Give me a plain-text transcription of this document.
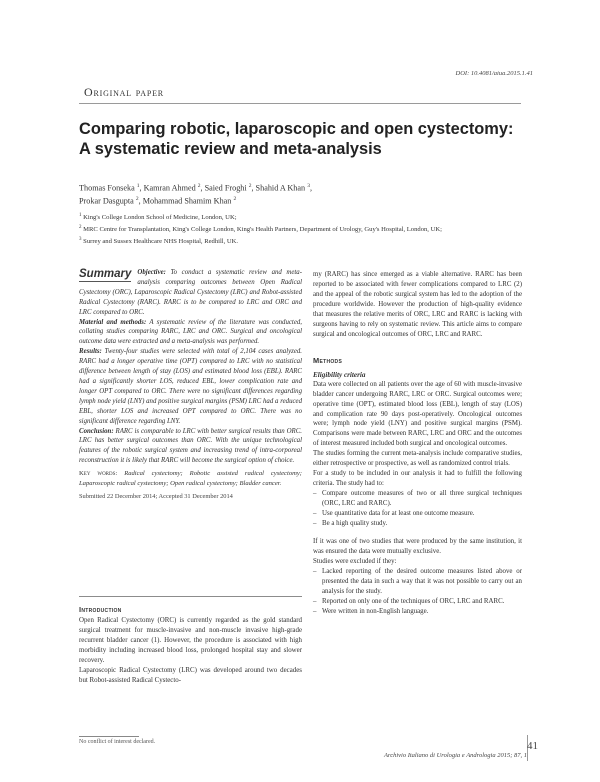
DOI: 10.4081/aiua.2015.1.41
Original paper
Comparing robotic, laparoscopic and open cystectomy:
A systematic review and meta-analysis
Thomas Fonseka $^1$, Kamran Ahmed $^2$, Saied Froghi $^2$, Shahid A Khan $^3$,
Prokar Dasgupta $^2$, Mohammad Shamim Khan $^2$
$^1$ King's College London School of Medicine, London, UK;
$^2$ MRC Centre for Transplantation, King's College London, King's Health Partners, Department of Urology, Guy's Hospital, London, UK;
$^3$ Surrey and Sussex Healthcare NHS Hospital, Redhill, UK.
Summary Objective: To conduct a systematic review and meta-analysis comparing outcomes between Open Radical Cystectomy (ORC), Laparoscopic Radical Cystectomy (LRC) and Robot-assisted Radical Cystectomy (RARC). RARC is to be compared to LRC and ORC and LRC compared to ORC.
Material and methods: A systematic review of the literature was conducted, collating studies comparing RARC, LRC and ORC. Surgical and oncological outcome data were extracted and a meta-analysis was performed.
Results: Twenty-four studies were selected with total of 2,104 cases analyzed. RARC had a longer operative time (OPT) compared to LRC with no statistical difference between length of stay (LOS) and estimated blood loss (EBL). RARC had a significantly shorter LOS, reduced EBL, lower complication rate and longer OPT compared to ORC. There were no significant differences regarding lymph node yield (LNY) and positive surgical margins (PSM) LRC had a reduced EBL, shorter LOS and increased OPT compared to ORC. There was no significant difference regarding LNY.
Conclusion: RARC is comparable to LRC with better surgical results than ORC. LRC has better surgical outcomes than ORC. With the unique technological features of the robotic surgical system and increasing trend of intra-corporeal reconstruction it is likely that RARC will become the surgical option of choice.
Key words: Radical cystectomy; Robotic assisted radical cystectomy; Laparoscopic radical cystectomy; Open radical cystectomy; Bladder cancer.
Submitted 22 December 2014; Accepted 31 December 2014
Introduction

Open Radical Cystectomy (ORC) is currently regarded as the gold standard surgical treatment for muscle-invasive and non-muscle invasive high-grade recurrent bladder cancer (1). However, the procedure is associated with high morbidity including increased blood loss, prolonged hospital stay and slower recovery.

Laparoscopic Radical Cystectomy (LRC) was developed around two decades but Robot-assisted Radical Cystecto-

No conflict of interest declared.

my (RARC) has since emerged as a viable alternative. RARC has been reported to be associated with fewer complications compared to LRC (2) and the appeal of the robotic surgical system has led to the adoption of the procedure worldwide. However the production of high-quality evidence that measures the relative merits of ORC, LRC and RARC is lacking with surgeons having to rely on systematic review. This article aims to compare surgical and oncological outcomes of ORC, LRC and RARC.

Methods
Eligibility criteria

Data were collected on all patients over the age of 60 with muscle-invasive bladder cancer undergoing RARC, LRC or ORC. Surgical outcomes were; operative time (OPT), estimated blood loss (EBL), length of stay (LOS) and complication rate 90 days post-operatively. Oncological outcomes were; lymph node yield (LNY) and positive surgical margins (PSM). Comparisons were made between RARC, LRC and ORC and the outcomes of interest measured included both surgical and oncological outcomes.

The studies forming the current meta-analysis include comparative studies, either retrospective or prospective, as well as randomized control trials.

For a study to be included in our analysis it had to fulfill the following criteria. The study had to:

– Compare outcome measures of two or all three surgical techniques (ORC, LRC and RARC).
– Use quantitative data for at least one outcome measure.
– Be a high quality study.

If it was one of two studies that were produced by the same institution, it was ensured the data were mutually exclusive.

Studies were excluded if they:

– Lacked reporting of the desired outcome measures listed above or presented the data in such a way that it was not possible to carry out an analysis for the study.
– Reported on only one of the techniques of ORC, LRC and RARC.
– Were written in non-English language.
Archivio Italiano di Urologia e Andrologia 2015; 87, 1
41
